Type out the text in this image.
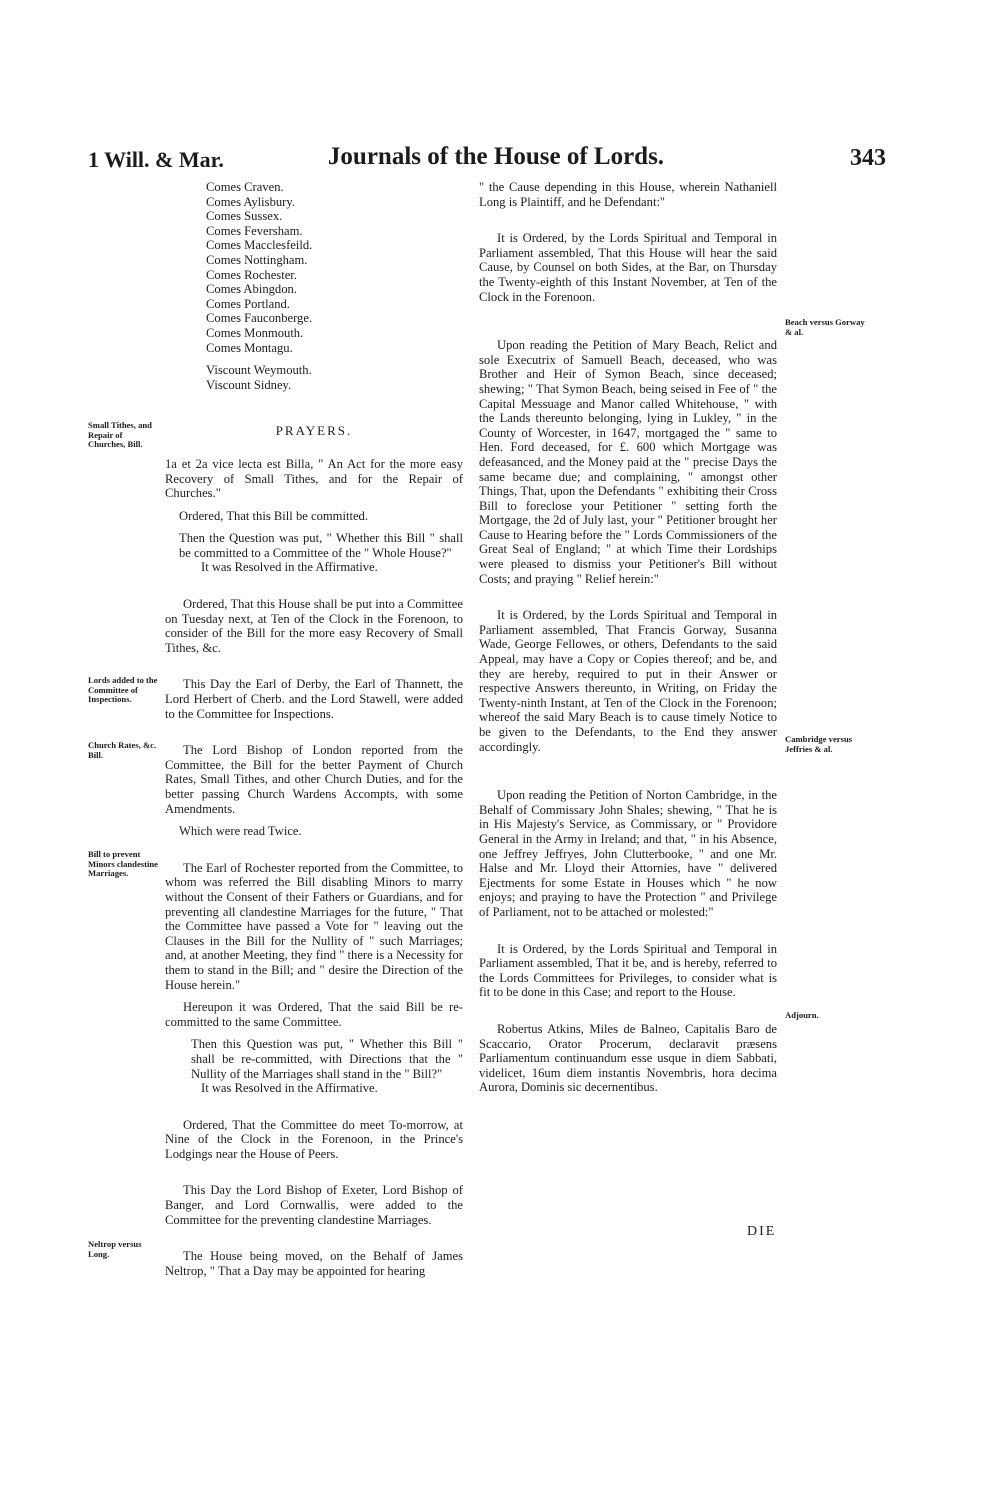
1 Will. & Mar.	Journals of the House of Lords.	343
Small Tithes, and Repair of Churches, Bill.
Lords added to the Committee of Inspections.
Church Rates, &c. Bill.
Bill to prevent Minors clandestine Marriages.
Neltrop versus Long.
Beach versus Gorway & al.
Cambridge versus Jeffries & al.
Adjourn.
Comes Craven.
Comes Aylisbury.
Comes Sussex.
Comes Feversham.
Comes Macclesfeild.
Comes Nottingham.
Comes Rochester.
Comes Abingdon.
Comes Portland.
Comes Fauconberge.
Comes Monmouth.
Comes Montagu.
Viscount Weymouth.
Viscount Sidney.
PRAYERS.

1a et 2a vice lecta est Billa, " An Act for the more easy Recovery of Small Tithes, and for the Repair of Churches."

Ordered, That this Bill be committed.

Then the Question was put, " Whether this Bill " shall be committed to a Committee of the " Whole House?"

It was Resolved in the Affirmative.

Ordered, That this House shall be put into a Committee on Tuesday next, at Ten of the Clock in the Forenoon, to consider of the Bill for the more easy Recovery of Small Tithes, &c.

This Day the Earl of Derby, the Earl of Thannett, the Lord Herbert of Cherb. and the Lord Stawell, were added to the Committee for Inspections.

The Lord Bishop of London reported from the Committee, the Bill for the better Payment of Church Rates, Small Tithes, and other Church Duties, and for the better passing Church Wardens Accompts, with some Amendments.

Which were read Twice.

The Earl of Rochester reported from the Committee, to whom was referred the Bill disabling Minors to marry without the Consent of their Fathers or Guardians, and for preventing all clandestine Marriages for the future, " That the Committee have passed a Vote for " leaving out the Clauses in the Bill for the Nullity of " such Marriages; and, at another Meeting, they find " there is a Necessity for them to stand in the Bill; and " desire the Direction of the House herein."

Hereupon it was Ordered, That the said Bill be re-committed to the same Committee.

Then this Question was put, " Whether this Bill " shall be re-committed, with Directions that the " Nullity of the Marriages shall stand in the " Bill?"

It was Resolved in the Affirmative.

Ordered, That the Committee do meet To-morrow, at Nine of the Clock in the Forenoon, in the Prince's Lodgings near the House of Peers.

This Day the Lord Bishop of Exeter, Lord Bishop of Banger, and Lord Cornwallis, were added to the Committee for the preventing clandestine Marriages.

The House being moved, on the Behalf of James Neltrop, " That a Day may be appointed for hearing

" the Cause depending in this House, wherein Nathaniell Long is Plaintiff, and he Defendant:"

It is Ordered, by the Lords Spiritual and Temporal in Parliament assembled, That this House will hear the said Cause, by Counsel on both Sides, at the Bar, on Thursday the Twenty-eighth of this Instant November, at Ten of the Clock in the Forenoon.

Upon reading the Petition of Mary Beach, Relict and sole Executrix of Samuell Beach, deceased, who was Brother and Heir of Symon Beach, since deceased; shewing; " That Symon Beach, being seised in Fee of " the Capital Messuage and Manor called Whitehouse, " with the Lands thereunto belonging, lying in Lukley, " in the County of Worcester, in 1647, mortgaged the " same to Hen. Ford deceased, for £. 600 which Mortgage was defeasanced, and the Money paid at the " precise Days the same became due; and complaining, " amongst other Things, That, upon the Defendants " exhibiting their Cross Bill to foreclose your Petitioner " setting forth the Mortgage, the 2d of July last, your " Petitioner brought her Cause to Hearing before the " Lords Commissioners of the Great Seal of England; " at which Time their Lordships were pleased to dismiss your Petitioner's Bill without Costs; and praying " Relief herein:"

It is Ordered, by the Lords Spiritual and Temporal in Parliament assembled, That Francis Gorway, Susanna Wade, George Fellowes, or others, Defendants to the said Appeal, may have a Copy or Copies thereof; and be, and they are hereby, required to put in their Answer or respective Answers thereunto, in Writing, on Friday the Twenty-ninth Instant, at Ten of the Clock in the Forenoon; whereof the said Mary Beach is to cause timely Notice to be given to the Defendants, to the End they answer accordingly.

Upon reading the Petition of Norton Cambridge, in the Behalf of Commissary John Shales; shewing, " That he is in His Majesty's Service, as Commissary, or " Providore General in the Army in Ireland; and that, " in his Absence, one Jeffrey Jeffryes, John Clutterbooke, " and one Mr. Halse and Mr. Lloyd their Attornies, have " delivered Ejectments for some Estate in Houses which " he now enjoys; and praying to have the Protection " and Privilege of Parliament, not to be attached or molested:"

It is Ordered, by the Lords Spiritual and Temporal in Parliament assembled, That it be, and is hereby, referred to the Lords Committees for Privileges, to consider what is fit to be done in this Case; and report to the House.

Robertus Atkins, Miles de Balneo, Capitalis Baro de Scaccario, Orator Procerum, declaravit præsens Parliamentum continuandum esse usque in diem Sabbati, videlicet, 16um diem instantis Novembris, hora decima Aurora, Dominis sic decernentibus.

DIE
